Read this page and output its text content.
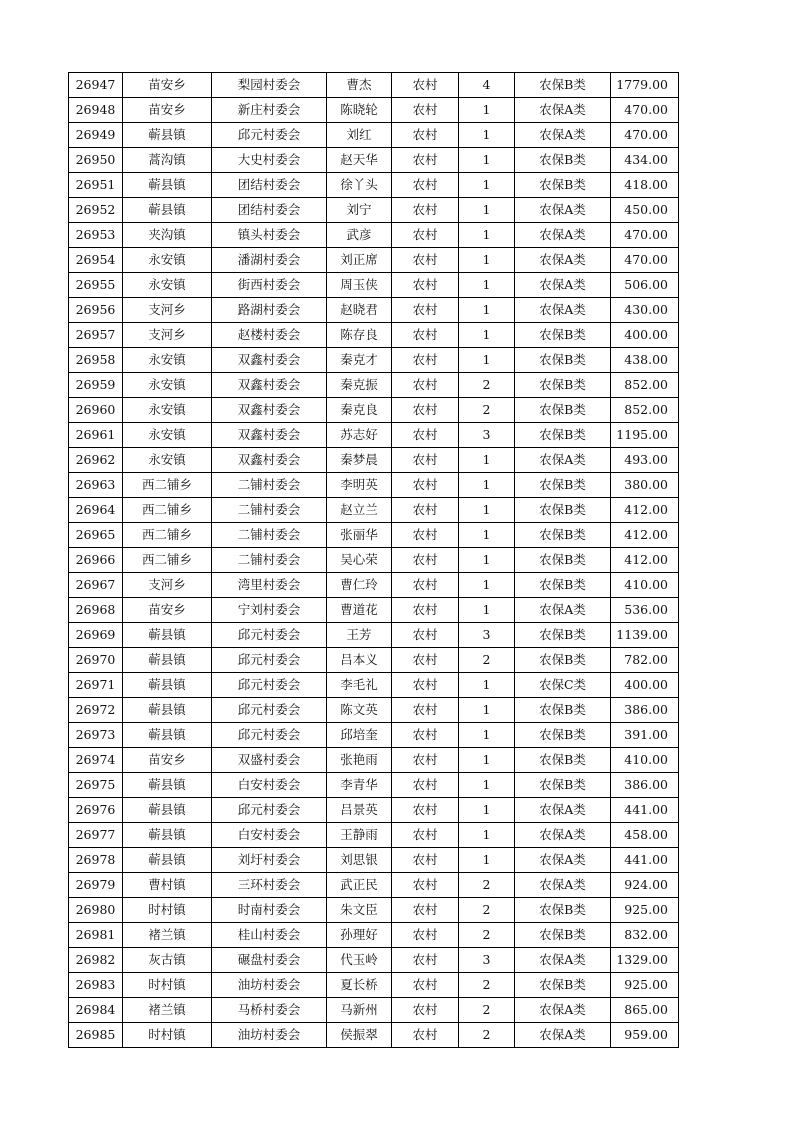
26947	苗安乡	梨园村委会	曹杰	农村	4	农保B类	1779.00
26948	苗安乡	新庄村委会	陈晓轮	农村	1	农保A类	470.00
26949	蕲县镇	邱元村委会	刘红	农村	1	农保A类	470.00
26950	蒿沟镇	大史村委会	赵天华	农村	1	农保B类	434.00
26951	蕲县镇	团结村委会	徐丫头	农村	1	农保B类	418.00
26952	蕲县镇	团结村委会	刘宁	农村	1	农保A类	450.00
26953	夹沟镇	镇头村委会	武彦	农村	1	农保A类	470.00
26954	永安镇	潘湖村委会	刘正席	农村	1	农保A类	470.00
26955	永安镇	街西村委会	周玉侠	农村	1	农保A类	506.00
26956	支河乡	路湖村委会	赵晓君	农村	1	农保A类	430.00
26957	支河乡	赵楼村委会	陈存良	农村	1	农保B类	400.00
26958	永安镇	双鑫村委会	秦克才	农村	1	农保B类	438.00
26959	永安镇	双鑫村委会	秦克振	农村	2	农保B类	852.00
26960	永安镇	双鑫村委会	秦克良	农村	2	农保B类	852.00
26961	永安镇	双鑫村委会	苏志好	农村	3	农保B类	1195.00
26962	永安镇	双鑫村委会	秦梦晨	农村	1	农保A类	493.00
26963	西二铺乡	二铺村委会	李明英	农村	1	农保B类	380.00
26964	西二铺乡	二铺村委会	赵立兰	农村	1	农保B类	412.00
26965	西二铺乡	二铺村委会	张丽华	农村	1	农保B类	412.00
26966	西二铺乡	二铺村委会	吴心荣	农村	1	农保B类	412.00
26967	支河乡	湾里村委会	曹仁玲	农村	1	农保B类	410.00
26968	苗安乡	宁刘村委会	曹道花	农村	1	农保A类	536.00
26969	蕲县镇	邱元村委会	王芳	农村	3	农保B类	1139.00
26970	蕲县镇	邱元村委会	吕本义	农村	2	农保B类	782.00
26971	蕲县镇	邱元村委会	李毛礼	农村	1	农保C类	400.00
26972	蕲县镇	邱元村委会	陈文英	农村	1	农保B类	386.00
26973	蕲县镇	邱元村委会	邱培奎	农村	1	农保B类	391.00
26974	苗安乡	双盛村委会	张艳雨	农村	1	农保B类	410.00
26975	蕲县镇	白安村委会	李青华	农村	1	农保B类	386.00
26976	蕲县镇	邱元村委会	吕景英	农村	1	农保A类	441.00
26977	蕲县镇	白安村委会	王静雨	农村	1	农保A类	458.00
26978	蕲县镇	刘圩村委会	刘思银	农村	1	农保A类	441.00
26979	曹村镇	三环村委会	武正民	农村	2	农保A类	924.00
26980	时村镇	时南村委会	朱文臣	农村	2	农保B类	925.00
26981	褚兰镇	桂山村委会	孙理好	农村	2	农保B类	832.00
26982	灰古镇	碾盘村委会	代玉岭	农村	3	农保A类	1329.00
26983	时村镇	油坊村委会	夏长桥	农村	2	农保B类	925.00
26984	褚兰镇	马桥村委会	马新州	农村	2	农保A类	865.00
26985	时村镇	油坊村委会	侯振翠	农村	2	农保A类	959.00
